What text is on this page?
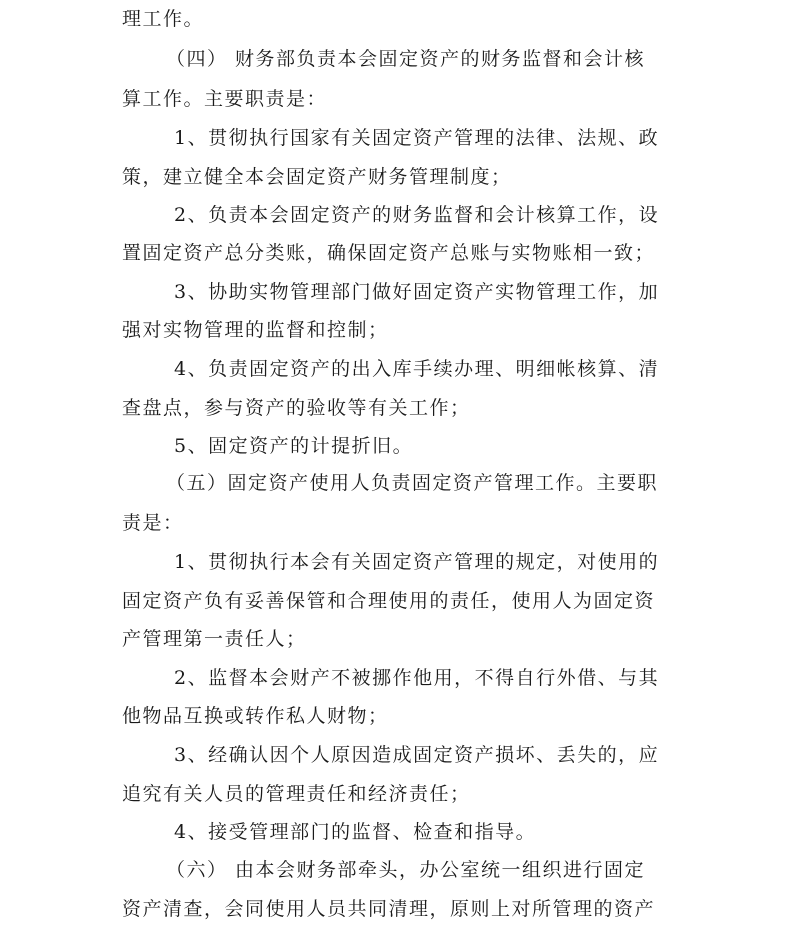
理工作。
（四） 财务部负责本会固定资产的财务监督和会计核
算工作。主要职责是：
1、贯彻执行国家有关固定资产管理的法律、法规、政
策，建立健全本会固定资产财务管理制度；
2、负责本会固定资产的财务监督和会计核算工作，设
置固定资产总分类账，确保固定资产总账与实物账相一致；
3、协助实物管理部门做好固定资产实物管理工作，加
强对实物管理的监督和控制；
4、负责固定资产的出入库手续办理、明细帐核算、清
查盘点，参与资产的验收等有关工作；
5、固定资产的计提折旧。
（五）固定资产使用人负责固定资产管理工作。主要职
责是：
1、贯彻执行本会有关固定资产管理的规定，对使用的
固定资产负有妥善保管和合理使用的责任，使用人为固定资
产管理第一责任人；
2、监督本会财产不被挪作他用，不得自行外借、与其
他物品互换或转作私人财物；
3、经确认因个人原因造成固定资产损坏、丢失的，应
追究有关人员的管理责任和经济责任；
4、接受管理部门的监督、检查和指导。
（六） 由本会财务部牵头，办公室统一组织进行固定
资产清查，会同使用人员共同清理，原则上对所管理的资产
